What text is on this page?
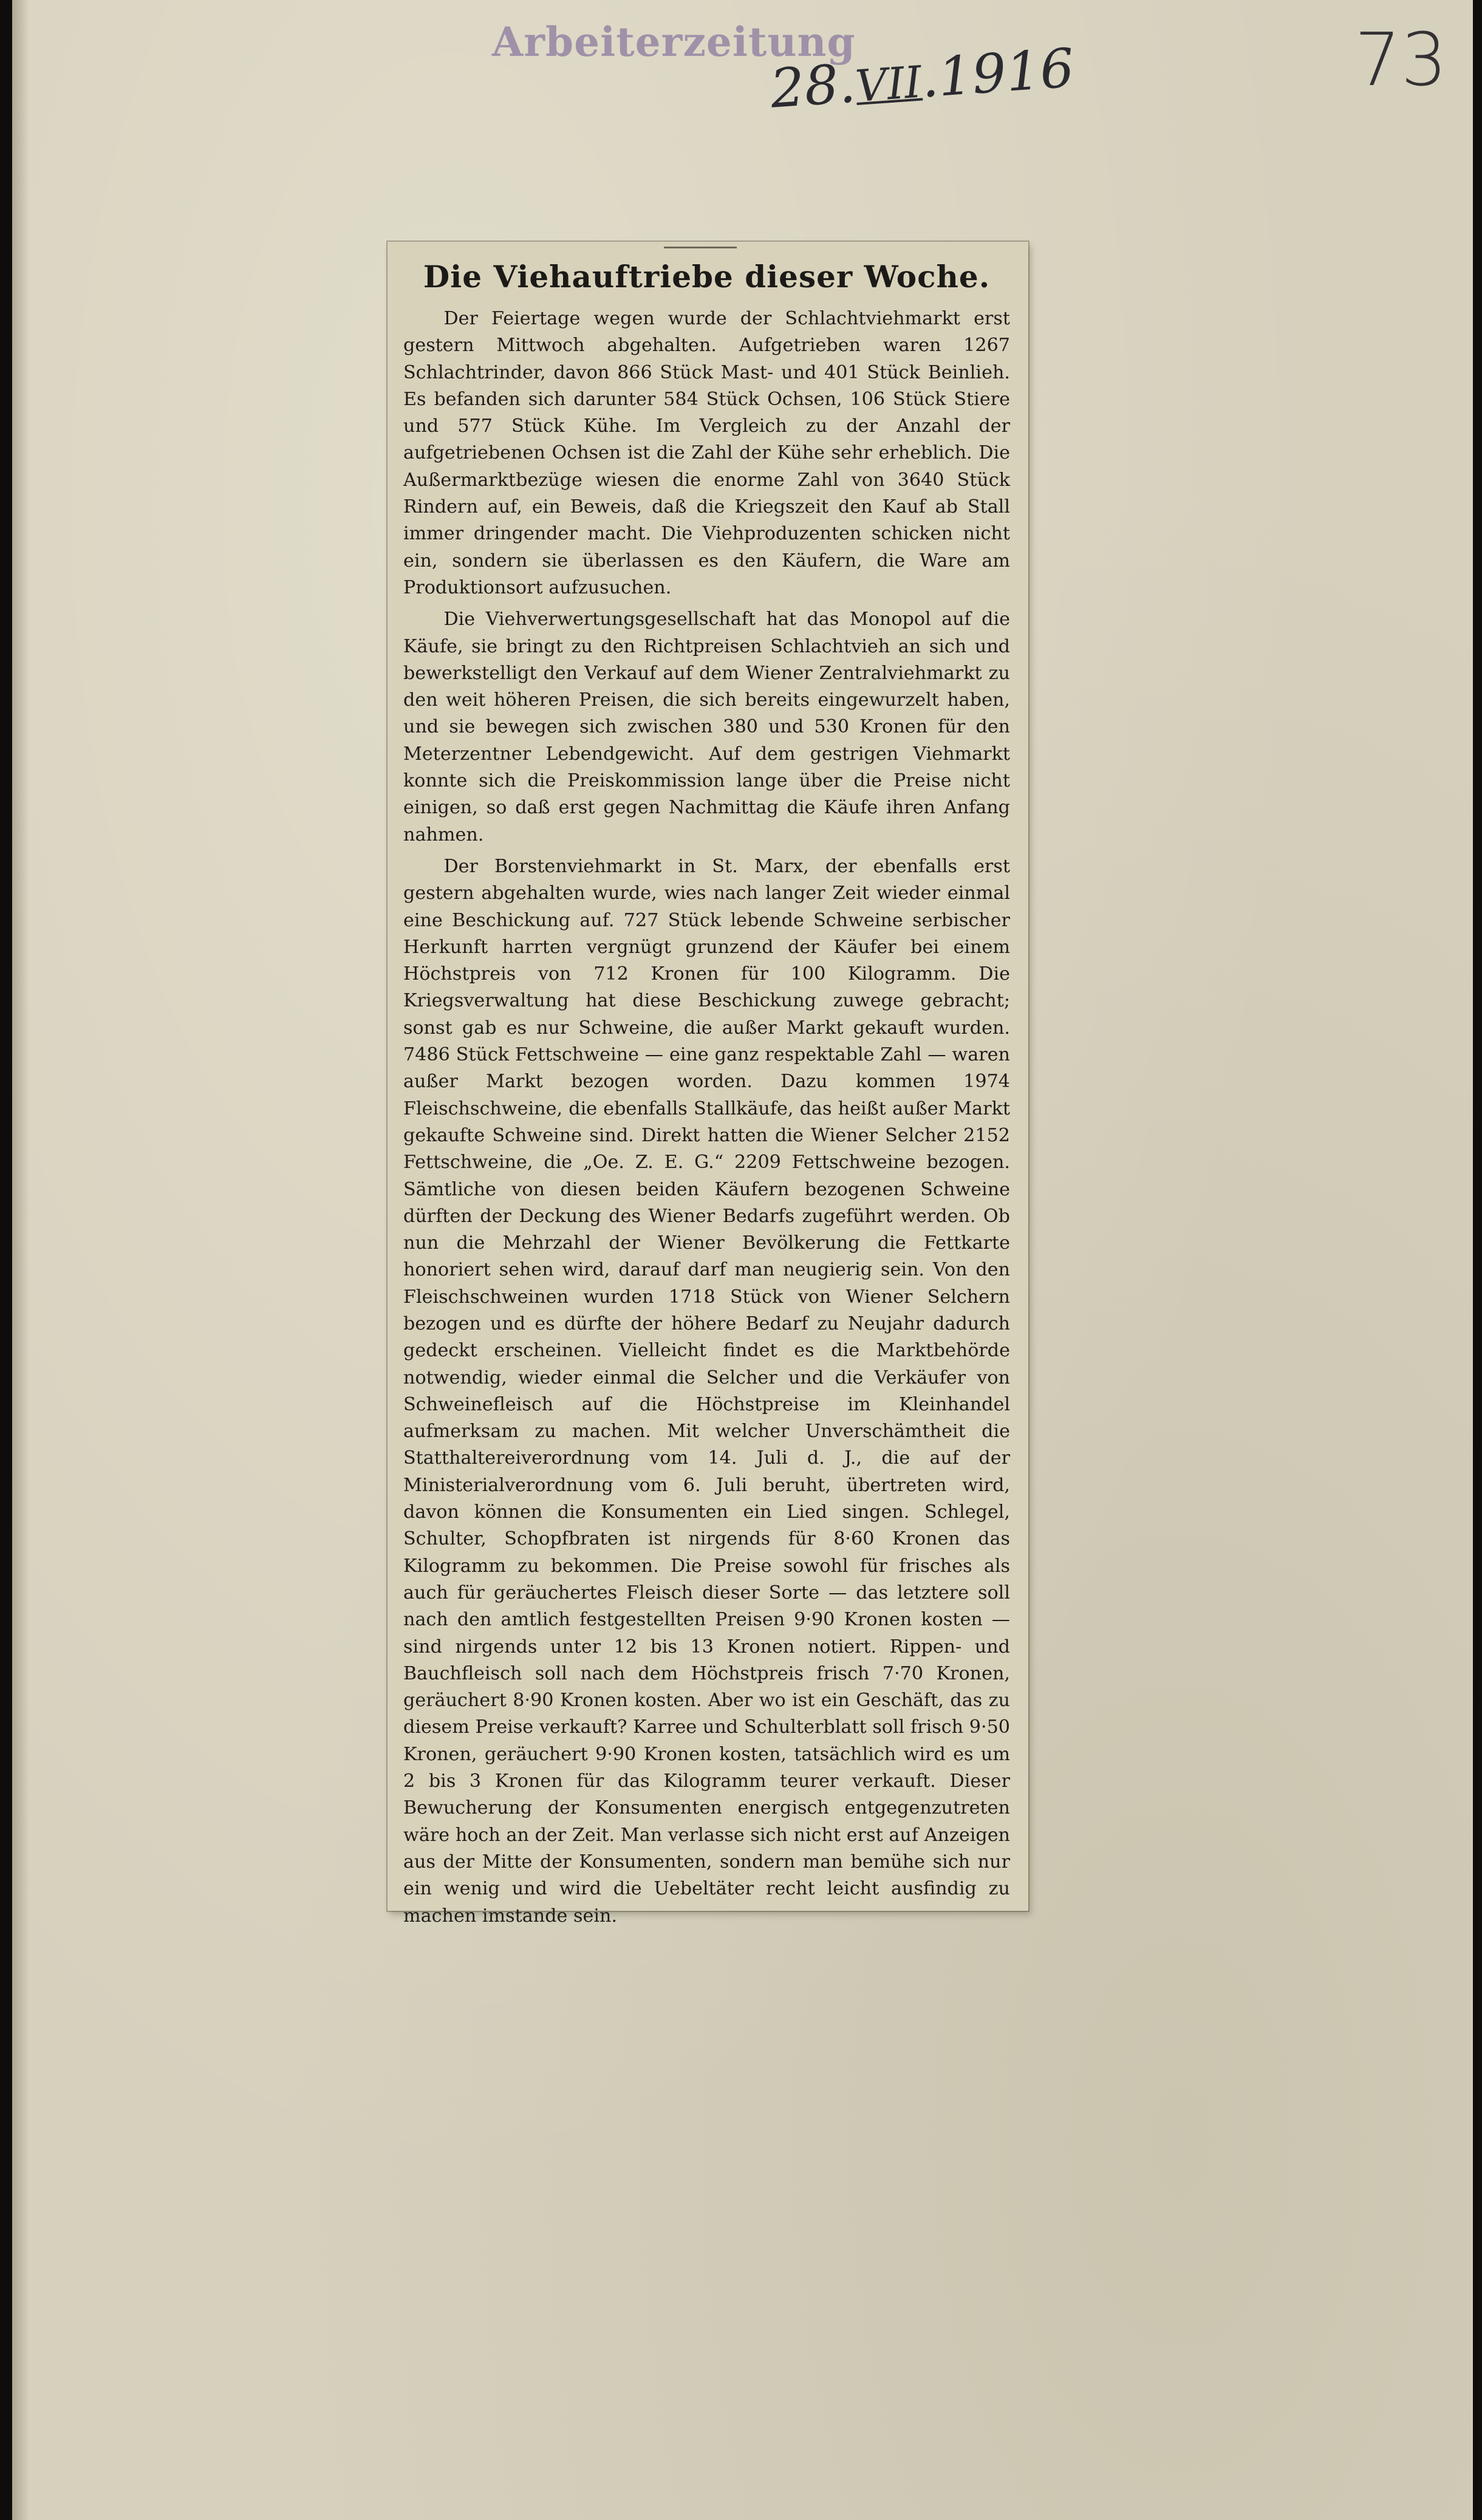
Arbeiterzeitung
28.VII.1916	73
Die Viehauftriebe dieser Woche.

Der Feiertage wegen wurde der Schlachtviehmarkt erst gestern Mittwoch abgehalten. Aufgetrieben waren 1267 Schlachtrinder, davon 866 Stück Mast- und 401 Stück Beinlieh. Es befanden sich darunter 584 Stück Ochsen, 106 Stück Stiere und 577 Stück Kühe. Im Vergleich zu der Anzahl der aufgetriebenen Ochsen ist die Zahl der Kühe sehr erheblich. Die Außermarktbezüge wiesen die enorme Zahl von 3640 Stück Rindern auf, ein Beweis, daß die Kriegszeit den Kauf ab Stall immer dringender macht. Die Viehproduzenten schicken nicht ein, sondern sie überlassen es den Käufern, die Ware am Produktionsort aufzusuchen.

Die Viehverwertungsgesellschaft hat das Monopol auf die Käufe, sie bringt zu den Richtpreisen Schlachtvieh an sich und bewerkstelligt den Verkauf auf dem Wiener Zentralviehmarkt zu den weit höheren Preisen, die sich bereits eingewurzelt haben, und sie bewegen sich zwischen 380 und 530 Kronen für den Meterzentner Lebendgewicht. Auf dem gestrigen Viehmarkt konnte sich die Preiskommission lange über die Preise nicht einigen, so daß erst gegen Nachmittag die Käufe ihren Anfang nahmen.

Der Borstenviehmarkt in St. Marx, der ebenfalls erst gestern abgehalten wurde, wies nach langer Zeit wieder einmal eine Beschickung auf. 727 Stück lebende Schweine serbischer Herkunft harrten vergnügt grunzend der Käufer bei einem Höchstpreis von 712 Kronen für 100 Kilogramm. Die Kriegsverwaltung hat diese Beschickung zuwege gebracht; sonst gab es nur Schweine, die außer Markt gekauft wurden. 7486 Stück Fettschweine — eine ganz respektable Zahl — waren außer Markt bezogen worden. Dazu kommen 1974 Fleischschweine, die ebenfalls Stallkäufe, das heißt außer Markt gekaufte Schweine sind. Direkt hatten die Wiener Selcher 2152 Fettschweine, die „Oe. Z. E. G.“ 2209 Fettschweine bezogen. Sämtliche von diesen beiden Käufern bezogenen Schweine dürften der Deckung des Wiener Bedarfs zugeführt werden. Ob nun die Mehrzahl der Wiener Bevölkerung die Fettkarte honoriert sehen wird, darauf darf man neugierig sein. Von den Fleischschweinen wurden 1718 Stück von Wiener Selchern bezogen und es dürfte der höhere Bedarf zu Neujahr dadurch gedeckt erscheinen. Vielleicht findet es die Marktbehörde notwendig, wieder einmal die Selcher und die Verkäufer von Schweinefleisch auf die Höchstpreise im Kleinhandel aufmerksam zu machen. Mit welcher Unverschämtheit die Statthaltereiverordnung vom 14. Juli d. J., die auf der Ministerialverordnung vom 6. Juli beruht, übertreten wird, davon können die Konsumenten ein Lied singen. Schlegel, Schulter, Schopfbraten ist nirgends für 8·60 Kronen das Kilogramm zu bekommen. Die Preise sowohl für frisches als auch für geräuchertes Fleisch dieser Sorte — das letztere soll nach den amtlich festgestellten Preisen 9·90 Kronen kosten — sind nirgends unter 12 bis 13 Kronen notiert. Rippen- und Bauchfleisch soll nach dem Höchstpreis frisch 7·70 Kronen, geräuchert 8·90 Kronen kosten. Aber wo ist ein Geschäft, das zu diesem Preise verkauft? Karree und Schulterblatt soll frisch 9·50 Kronen, geräuchert 9·90 Kronen kosten, tatsächlich wird es um 2 bis 3 Kronen für das Kilogramm teurer verkauft. Dieser Bewucherung der Konsumenten energisch entgegenzutreten wäre hoch an der Zeit. Man verlasse sich nicht erst auf Anzeigen aus der Mitte der Konsumenten, sondern man bemühe sich nur ein wenig und wird die Uebeltäter recht leicht ausfindig zu machen imstande sein.
